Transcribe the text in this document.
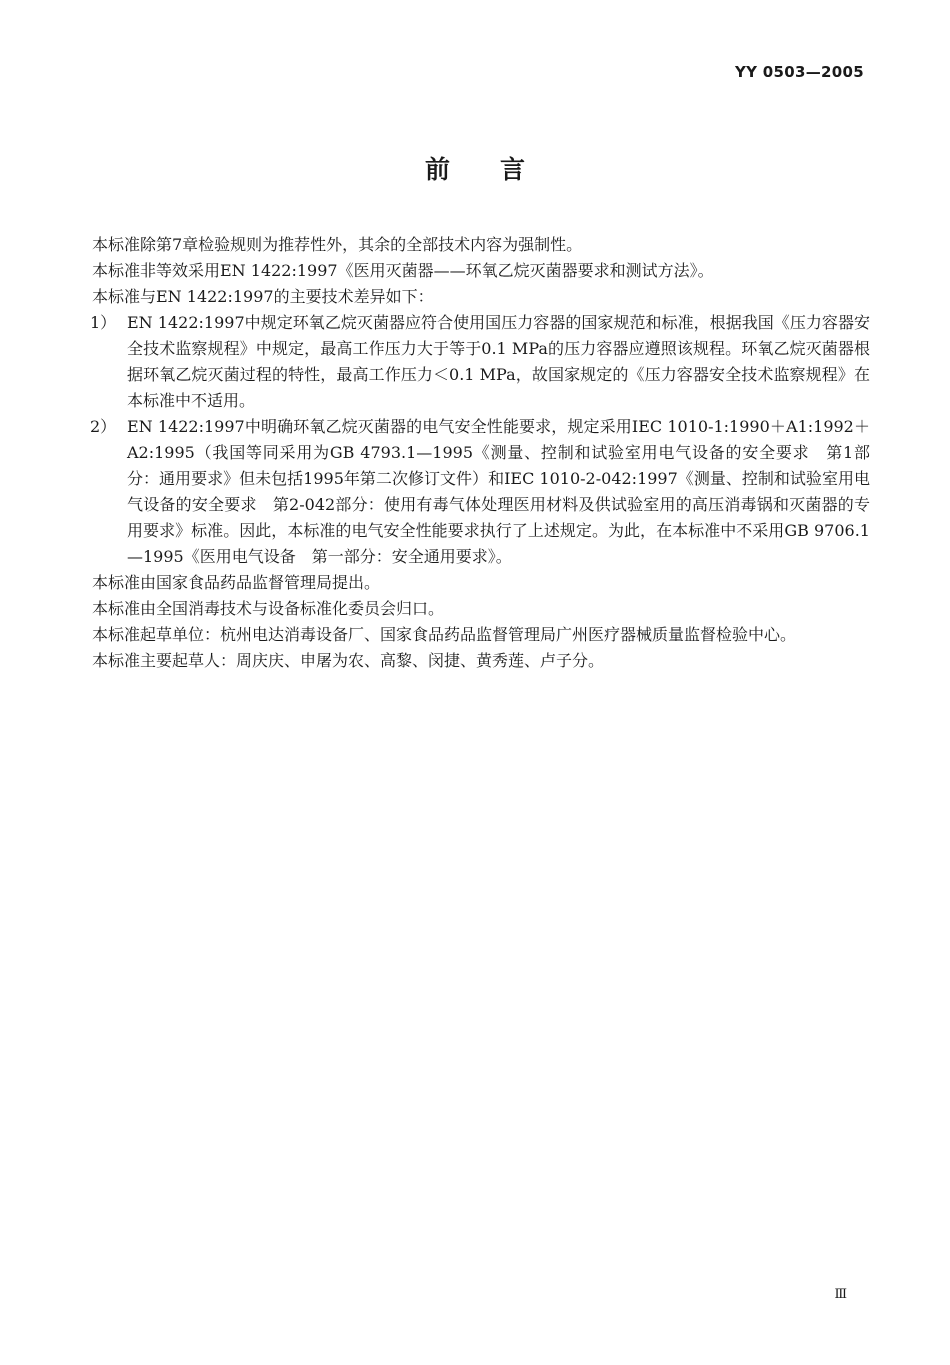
YY 0503—2005
前言

本标准除第7章检验规则为推荐性外，其余的全部技术内容为强制性。

本标准非等效采用EN 1422:1997《医用灭菌器——环氧乙烷灭菌器要求和测试方法》。

本标准与EN 1422:1997的主要技术差异如下：

1） EN 1422:1997中规定环氧乙烷灭菌器应符合使用国压力容器的国家规范和标准，根据我国《压力容器安全技术监察规程》中规定，最高工作压力大于等于0.1 MPa的压力容器应遵照该规程。环氧乙烷灭菌器根据环氧乙烷灭菌过程的特性，最高工作压力＜0.1 MPa，故国家规定的《压力容器安全技术监察规程》在本标准中不适用。
2） EN 1422:1997中明确环氧乙烷灭菌器的电气安全性能要求，规定采用IEC 1010-1:1990＋A1:1992＋A2:1995（我国等同采用为GB 4793.1—1995《测量、控制和试验室用电气设备的安全要求　第1部分：通用要求》但未包括1995年第二次修订文件）和IEC 1010-2-042:1997《测量、控制和试验室用电气设备的安全要求　第2-042部分：使用有毒气体处理医用材料及供试验室用的高压消毒锅和灭菌器的专用要求》标准。因此，本标准的电气安全性能要求执行了上述规定。为此，在本标准中不采用GB 9706.1—1995《医用电气设备　第一部分：安全通用要求》。

本标准由国家食品药品监督管理局提出。

本标准由全国消毒技术与设备标准化委员会归口。

本标准起草单位：杭州电达消毒设备厂、国家食品药品监督管理局广州医疗器械质量监督检验中心。

本标准主要起草人：周庆庆、申屠为农、高黎、闵捷、黄秀莲、卢子分。

Ⅲ
